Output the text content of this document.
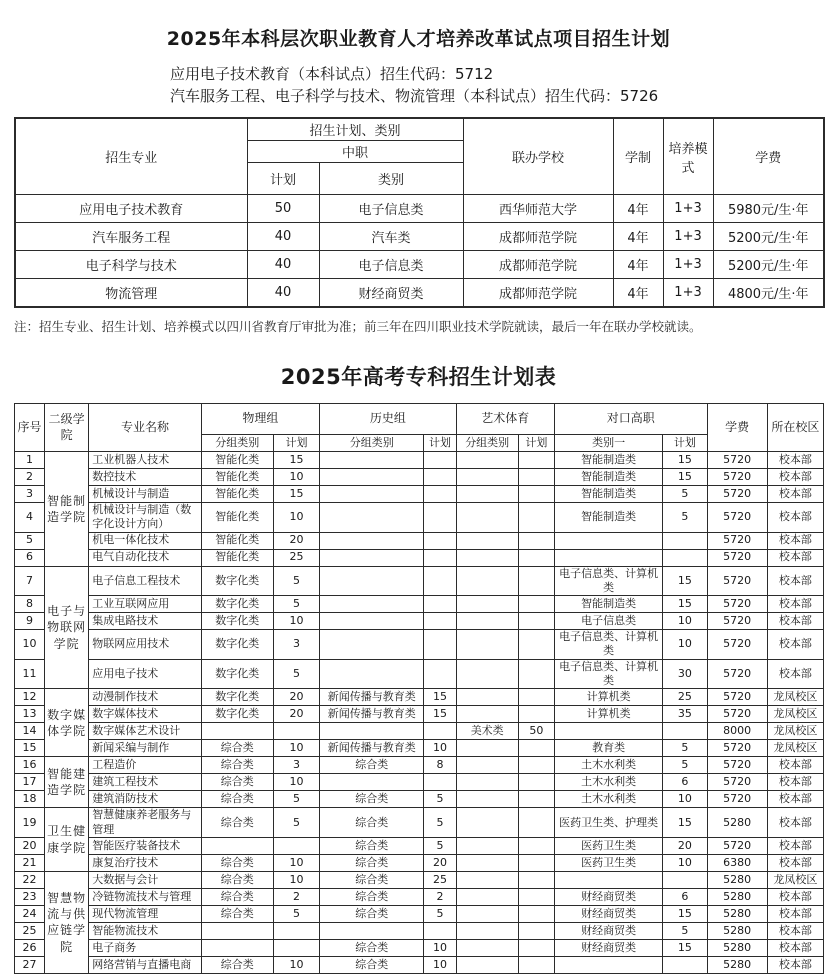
2025年本科层次职业教育人才培养改革试点项目招生计划
应用电子技术教育（本科试点）招生代码：5712
汽车服务工程、电子科学与技术、物流管理（本科试点）招生代码：5726
招生专业	招生计划、类别		联办学校	学制	培养模式	学费
	中职					
	计划	类别				
应用电子技术教育	50	电子信息类	西华师范大学	4年	1+3	5980元/生·年
汽车服务工程	40	汽车类	成都师范学院	4年	1+3	5200元/生·年
电子科学与技术	40	电子信息类	成都师范学院	4年	1+3	5200元/生·年
物流管理	40	财经商贸类	成都师范学院	4年	1+3	4800元/生·年
注：招生专业、招生计划、培养模式以四川省教育厅审批为准；前三年在四川职业技术学院就读，最后一年在联办学校就读。
2025年高考专科招生计划表
序号	二级学院	专业名称	物理组		历史组		艺术体育		对口高职		学费	所在校区
			分组类别	计划	分组类别	计划	分组类别	计划	类别一	计划		
1	智能制造学院	工业机器人技术	智能化类	15					智能制造类	15	5720	校本部
2		数控技术	智能化类	10					智能制造类	15	5720	校本部
3		机械设计与制造	智能化类	15					智能制造类	5	5720	校本部
4		机械设计与制造（数字化设计方向）	智能化类	10					智能制造类	5	5720	校本部
5		机电一体化技术	智能化类	20							5720	校本部
6		电气自动化技术	智能化类	25							5720	校本部
7	电子与物联网学院	电子信息工程技术	数字化类	5					电子信息类、计算机类	15	5720	校本部
8		工业互联网应用	数字化类	5					智能制造类	15	5720	校本部
9		集成电路技术	数字化类	10					电子信息类	10	5720	校本部
10		物联网应用技术	数字化类	3					电子信息类、计算机类	10	5720	校本部
11		应用电子技术	数字化类	5					电子信息类、计算机类	30	5720	校本部
12	数字媒体学院	动漫制作技术	数字化类	20	新闻传播与教育类	15			计算机类	25	5720	龙凤校区
13		数字媒体技术	数字化类	20	新闻传播与教育类	15			计算机类	35	5720	龙凤校区
14		数字媒体艺术设计					美术类	50			8000	龙凤校区
15		新闻采编与制作	综合类	10	新闻传播与教育类	10			教育类	5	5720	龙凤校区
16	智能建造学院	工程造价	综合类	3	综合类	8			土木水利类	5	5720	校本部
17		建筑工程技术	综合类	10					土木水利类	6	5720	校本部
18		建筑消防技术	综合类	5	综合类	5			土木水利类	10	5720	校本部
19	卫生健康学院	智慧健康养老服务与管理	综合类	5	综合类	5			医药卫生类、护理类	15	5280	校本部
20		智能医疗装备技术			综合类	5			医药卫生类	20	5720	校本部
21		康复治疗技术	综合类	10	综合类	20			医药卫生类	10	6380	校本部
22	智慧物流与供应链学院	大数据与会计	综合类	10	综合类	25					5280	龙凤校区
23		冷链物流技术与管理	综合类	2	综合类	2			财经商贸类	6	5280	校本部
24		现代物流管理	综合类	5	综合类	5			财经商贸类	15	5280	校本部
25		智能物流技术							财经商贸类	5	5280	校本部
26		电子商务			综合类	10			财经商贸类	15	5280	校本部
27		网络营销与直播电商	综合类	10	综合类	10					5280	校本部
